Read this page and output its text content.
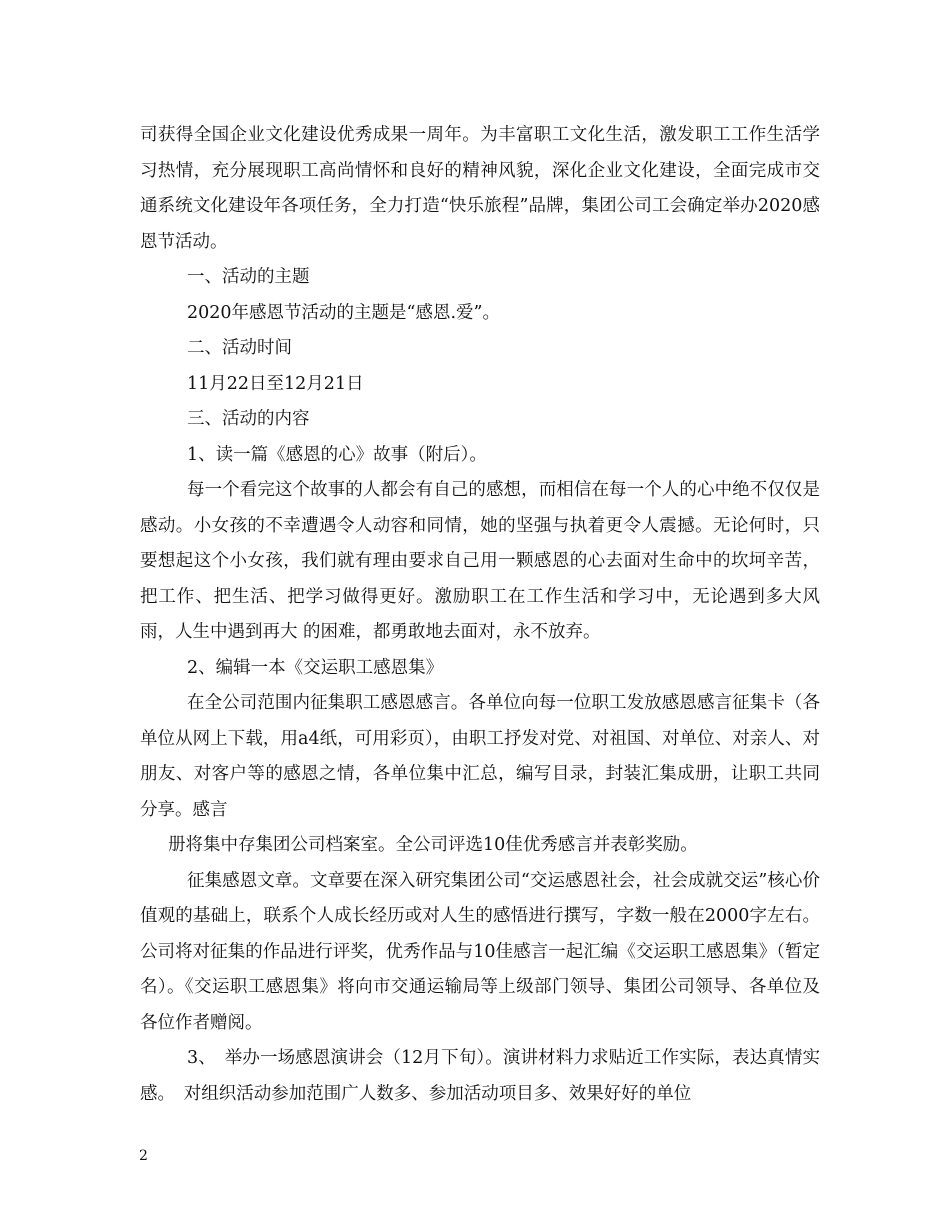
司获得全国企业文化建设优秀成果一周年。为丰富职工文化生活，激发职工工作生活学习热情，充分展现职工高尚情怀和良好的精神风貌，深化企业文化建设，全面完成市交通系统文化建设年各项任务，全力打造“快乐旅程”品牌，集团公司工会确定举办2020感恩节活动。

一、活动的主题

2020年感恩节活动的主题是“感恩.爱”。

二、活动时间

11月22日至12月21日

三、活动的内容

1、读一篇《感恩的心》故事（附后）。

每一个看完这个故事的人都会有自己的感想，而相信在每一个人的心中绝不仅仅是感动。小女孩的不幸遭遇令人动容和同情，她的坚强与执着更令人震撼。无论何时，只要想起这个小女孩，我们就有理由要求自己用一颗感恩的心去面对生命中的坎坷辛苦，把工作、把生活、把学习做得更好。激励职工在工作生活和学习中，无论遇到多大风雨，人生中遇到再大 的困难，都勇敢地去面对，永不放弃。

2、编辑一本《交运职工感恩集》

在全公司范围内征集职工感恩感言。各单位向每一位职工发放感恩感言征集卡（各单位从网上下载，用a4纸，可用彩页），由职工抒发对党、对祖国、对单位、对亲人、对朋友、对客户等的感恩之情，各单位集中汇总，编写目录，封装汇集成册，让职工共同分享。感言

册将集中存集团公司档案室。全公司评选10佳优秀感言并表彰奖励。

征集感恩文章。文章要在深入研究集团公司“交运感恩社会，社会成就交运”核心价值观的基础上，联系个人成长经历或对人生的感悟进行撰写，字数一般在2000字左右。公司将对征集的作品进行评奖，优秀作品与10佳感言一起汇编《交运职工感恩集》（暂定名）。《交运职工感恩集》将向市交通运输局等上级部门领导、集团公司领导、各单位及各位作者赠阅。

3、　举办一场感恩演讲会（12月下旬）。演讲材料力求贴近工作实际，表达真情实感。　对组织活动参加范围广人数多、参加活动项目多、效果好好的单位

2
